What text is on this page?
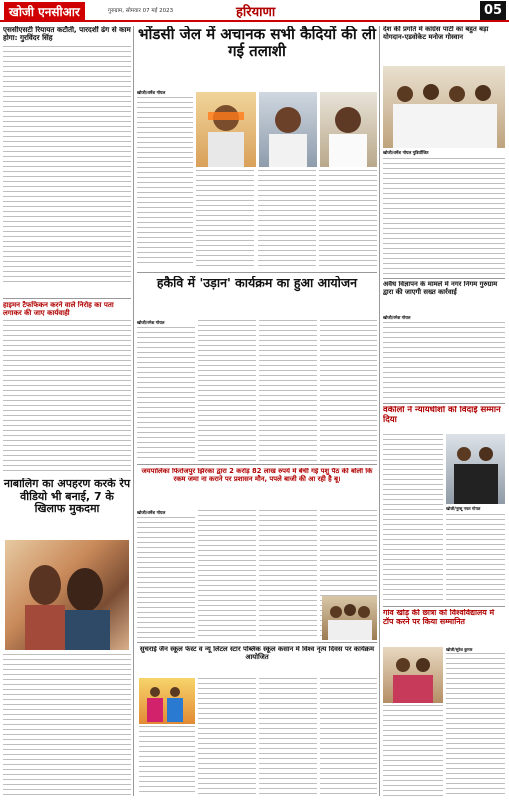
खोजी एनसीआर	गुरुग्राम, सोमवार 07 मई 2023	हरियाणा	05
एससीएसटी रियायत कटौती, पारदर्शी ढंग से काम होगा: गुरविंदर सिंह
हाइमन टैफफिकन करने वाले निरोह का पता लगाकर की जाए कार्यवाही
नाबालिग का अपहरण करके रेप वीडियो भी बनाई, 7 के खिलाफ मुकदमा
भोंडसी जेल में अचानक सभी कैदियों की ली गई तलाशी
खोजी/धर्मेश गोयल
हकैवि में 'उड़ान' कार्यक्रम का हुआ आयोजन
खोजी/रमेश गोयल
जयपालिका फिरोजपुर झिरका द्वारा 2 करोड़ 82 लाख रुपये में बेची गई पशु पैंठ की बोली कि रकम जमा ना कराने पर प्रशासन मौन, पपले बाजी की आ रही है बू।
खोजी/धर्मेश गोयल
सुचराई जैन स्कूल फेस्ट व न्यू लिटल स्टार पब्लिक स्कूल कसान में विश्व नृत्य दिवस पर कार्यक्रम आयोजित
देश की प्रगति में कांग्रेस पार्टी का बहुत बड़ा योगदान-एडवोकेट मनोज गोस्वान
खोजी/धर्मेश गोयल गुडिर्योजित
अवैध विज्ञापन के मामले में नगर निगम गुरुग्राम द्वारा की जाएगी सख्त कार्रवाई
खोजी/रमेश गोयल
वकीलों ने न्यायधीशों को विदाई सम्मान दिया
खोजी/नूरसू नफर गोयल
गांव खोड़ की छात्रा को विश्वविद्यालय में टॉप करने पर किया सम्मानित
खोजी/सुरेश कुमार
